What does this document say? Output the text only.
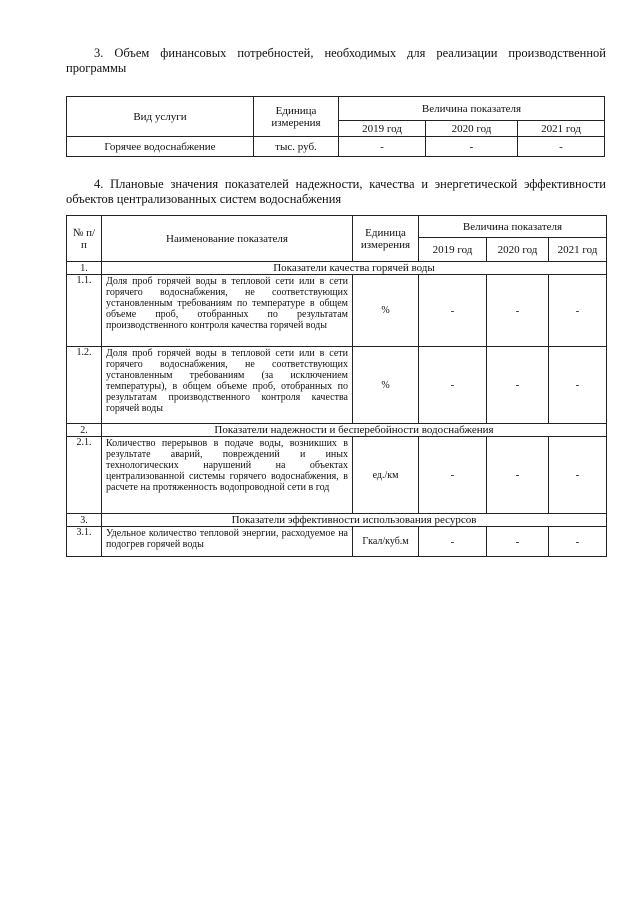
3. Объем финансовых потребностей, необходимых для реализации производственной программы
Вид услуги	Единица измерения	Величина показателя		
		2019 год	2020 год	2021 год
Горячее водоснабжение	тыс. руб.	-	-	-
4. Плановые значения показателей надежности, качества и энергетической эффективности объектов централизованных систем водоснабжения
№ п/п	Наименование показателя	Единица измерения	Величина показателя		
			2019 год	2020 год	2021 год
1.	Показатели качества горячей воды				
1.1.	Доля проб горячей воды в тепловой сети или в сети горячего водоснабжения, не соответствующих установленным требованиям по температуре в общем объеме проб, отобранных по результатам производственного контроля качества горячей воды	%	-	-	-
1.2.	Доля проб горячей воды в тепловой сети или в сети горячего водоснабжения, не соответствующих установленным требованиям (за исключением температуры), в общем объеме проб, отобранных по результатам производственного контроля качества горячей воды	%	-	-	-
2.	Показатели надежности и бесперебойности водоснабжения				
2.1.	Количество перерывов в подаче воды, возникших в результате аварий, повреждений и иных технологических нарушений на объектах централизованной системы горячего водоснабжения, в расчете на протяженность водопроводной сети в год	ед./км	-	-	-
3.	Показатели эффективности использования ресурсов				
3.1.	Удельное количество тепловой энергии, расходуемое на подогрев горячей воды	Гкал/куб.м	-	-	-
